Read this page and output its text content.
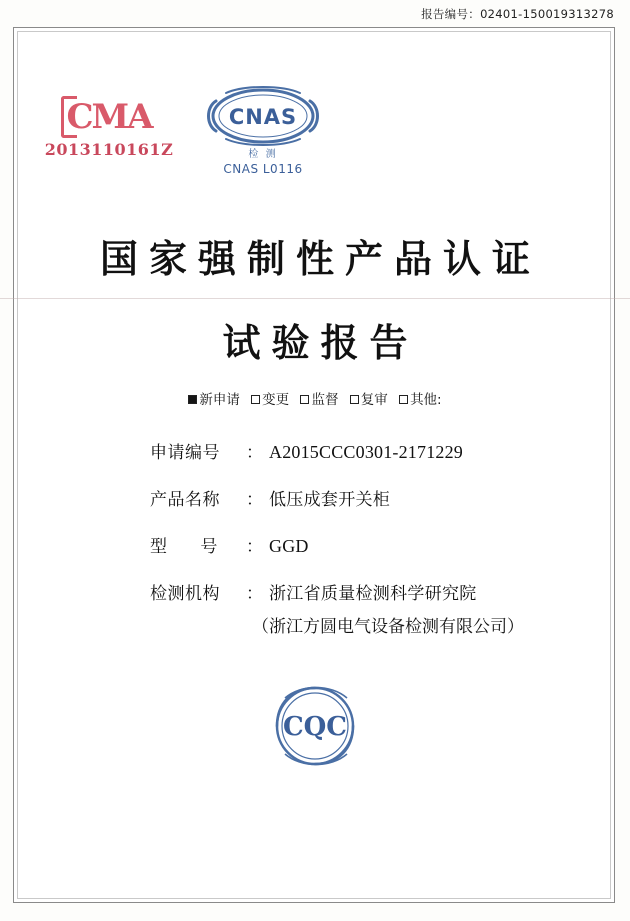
报告编号：02401-150019313278
CMA
2013110161Z
CNAS
检 测
CNAS L0116
国家强制性产品认证
试验报告
新申请 变更 监督 复审 其他:
申请编号	： A2015CCC0301-2171229
产品名称	： 低压成套开关柜
型 号 ： GGD
检测机构	： 浙江省质量检测科学研究院
（浙江方圆电气设备检测有限公司）
CQC
